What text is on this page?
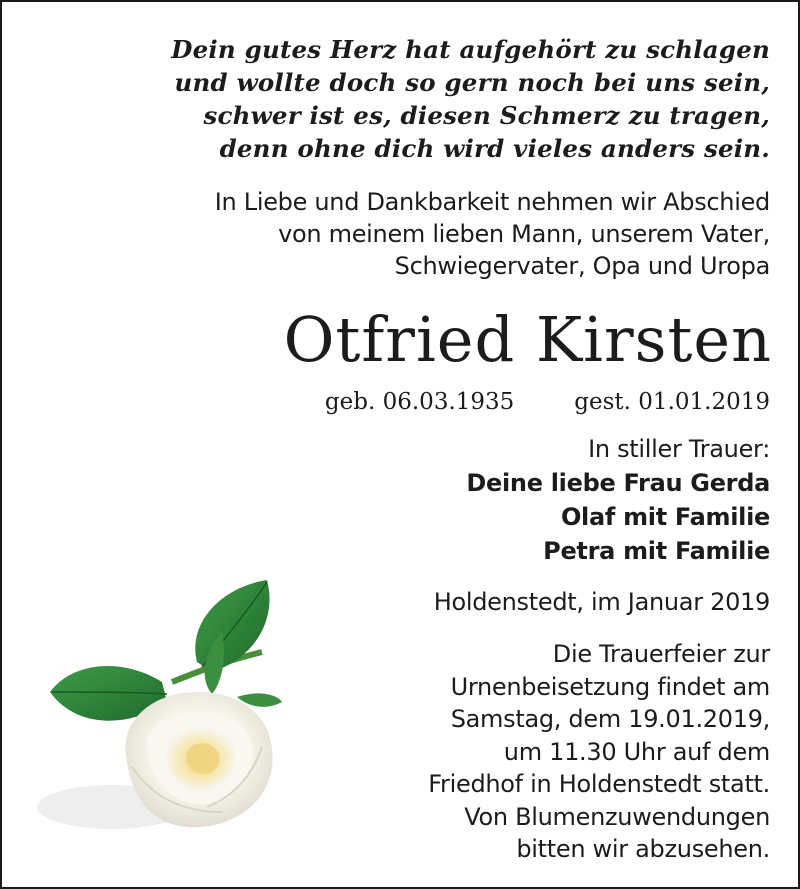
Dein gutes Herz hat aufgehört zu schlagen
und wollte doch so gern noch bei uns sein,
schwer ist es, diesen Schmerz zu tragen,
denn ohne dich wird vieles anders sein.
In Liebe und Dankbarkeit nehmen wir Abschied
von meinem lieben Mann, unserem Vater,
Schwiegervater, Opa und Uropa
Otfried Kirsten
geb. 06.03.1935	gest. 01.01.2019
In stiller Trauer:
Deine liebe Frau Gerda
Olaf mit Familie
Petra mit Familie
Holdenstedt, im Januar 2019
Die Trauerfeier zur
Urnenbeisetzung findet am
Samstag, dem 19.01.2019,
um 11.30 Uhr auf dem
Friedhof in Holdenstedt statt.
Von Blumenzuwendungen
bitten wir abzusehen.
